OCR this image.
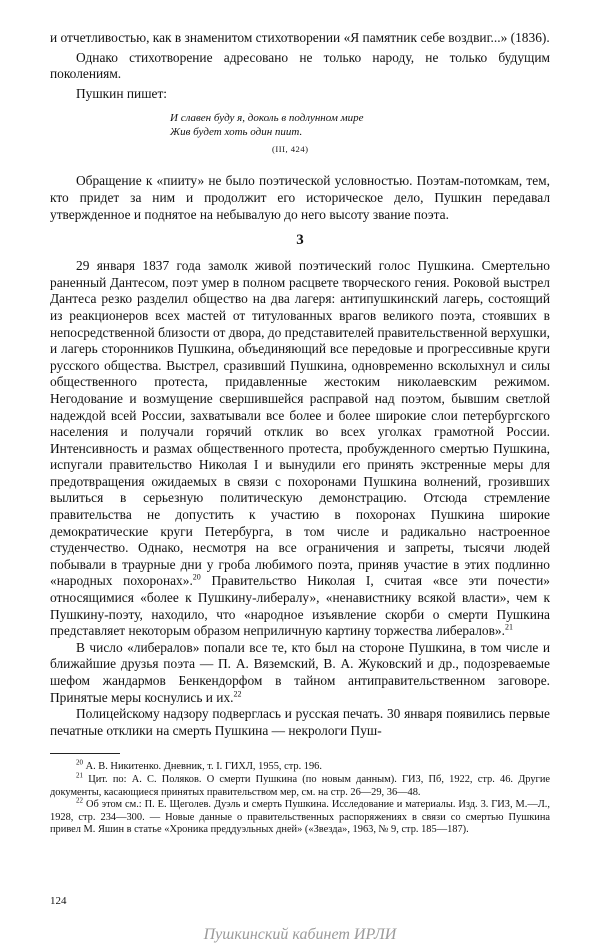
и отчетливостью, как в знаменитом стихотворении «Я памятник себе воздвиг...» (1836).

Однако стихотворение адресовано не только народу, не только будущим поколениям.

Пушкин пишет:

И славен буду я, доколь в подлунном мире
Жив будет хоть один пиит.
(III, 424)

Обращение к «пииту» не было поэтической условностью. Поэтам-потомкам, тем, кто придет за ним и продолжит его историческое дело, Пушкин передавал утвержденное и поднятое на небывалую до него высоту звание поэта.

3

29 января 1837 года замолк живой поэтический голос Пушкина. Смертельно раненный Дантесом, поэт умер в полном расцвете творческого гения. Роковой выстрел Дантеса резко разделил общество на два лагеря: антипушкинский лагерь, состоящий из реакционеров всех мастей от титулованных врагов великого поэта, стоявших в непосредственной близости от двора, до представителей правительственной верхушки, и лагерь сторонников Пушкина, объединяющий все передовые и прогрессивные круги русского общества. Выстрел, сразивший Пушкина, одновременно всколыхнул и силы общественного протеста, придавленные жестоким николаевским режимом. Негодование и возмущение свершившейся расправой над поэтом, бывшим светлой надеждой всей России, захватывали все более и более широкие слои петербургского населения и получали горячий отклик во всех уголках грамотной России. Интенсивность и размах общественного протеста, пробужденного смертью Пушкина, испугали правительство Николая I и вынудили его принять экстренные меры для предотвращения ожидаемых в связи с похоронами Пушкина волнений, грозивших вылиться в серьезную политическую демонстрацию. Отсюда стремление правительства не допустить к участию в похоронах Пушкина широкие демократические круги Петербурга, в том числе и радикально настроенное студенчество. Однако, несмотря на все ограничения и запреты, тысячи людей побывали в траурные дни у гроба любимого поэта, приняв участие в этих подлинно «народных похоронах».$^{20}$ Правительство Николая I, считая «все эти почести» относящимися «более к Пушкину-либералу», «ненавистнику всякой власти», чем к Пушкину-поэту, находило, что «народное изъявление скорби о смерти Пушкина представляет некоторым образом неприличную картину торжества либералов».$^{21}$

В число «либералов» попали все те, кто был на стороне Пушкина, в том числе и ближайшие друзья поэта — П. А. Вяземский, В. А. Жуковский и др., подозреваемые шефом жандармов Бенкендорфом в тайном антиправительственном заговоре. Принятые меры коснулись и их.$^{22}$

Полицейскому надзору подверглась и русская печать. 30 января появились первые печатные отклики на смерть Пушкина — некрологи Пуш-

$^{20}$ А. В. Никитенко. Дневник, т. I. ГИХЛ, 1955, стр. 196.

$^{21}$ Цит. по: А. С. Поляков. О смерти Пушкина (по новым данным). ГИЗ, Пб, 1922, стр. 46. Другие документы, касающиеся принятых правительством мер, см. на стр. 26—29, 36—48.

$^{22}$ Об этом см.: П. Е. Щеголев. Дуэль и смерть Пушкина. Исследование и материалы. Изд. 3. ГИЗ, М.—Л., 1928, стр. 234—300. — Новые данные о правительственных распоряжениях в связи со смертью Пушкина привел М. Яшин в статье «Хроника преддуэльных дней» («Звезда», 1963, № 9, стр. 185—187).

124
Пушкинский кабинет ИРЛИ
